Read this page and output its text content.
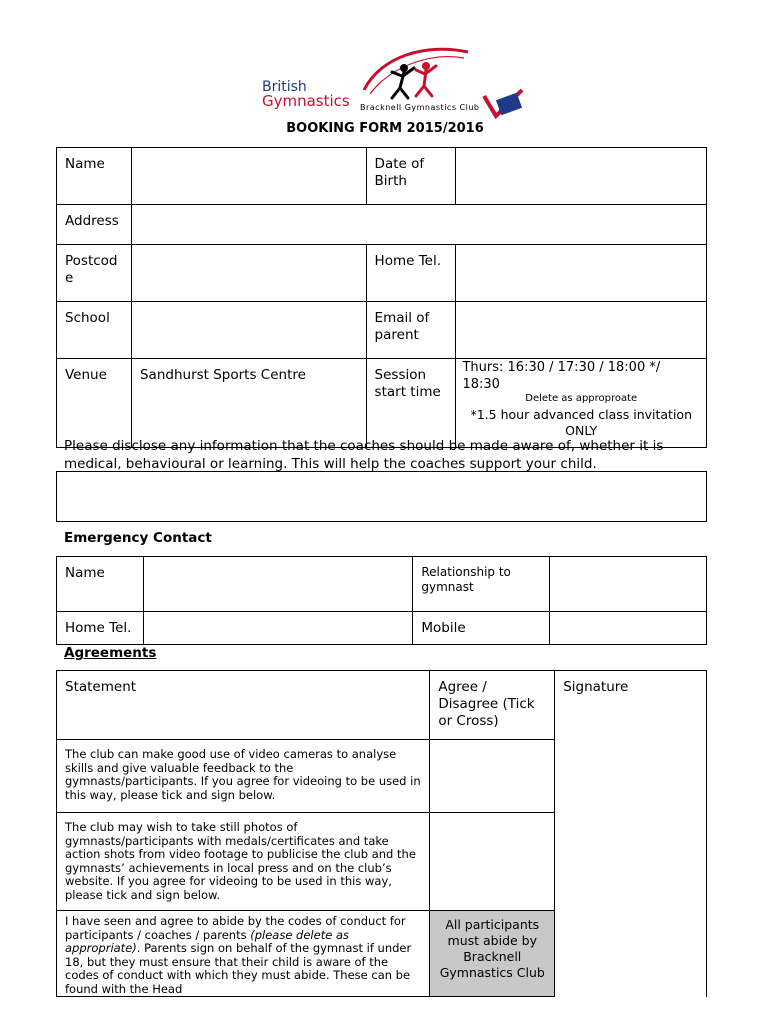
British
Gymnastics Bracknell Gymnastics Club
BOOKING FORM 2015/2016
Name		Date of Birth	
Address			
Postcode		Home Tel.	
School		Email of parent	
Venue	Sandhurst Sports Centre	Session start time	Thurs: 16:30 / 17:30 / 18:00 */ 18:30
Delete as approproate
*1.5 hour advanced class invitation ONLY
Please disclose any information that the coaches should be made aware of, whether it is medical, behavioural or learning. This will help the coaches support your child.
Emergency Contact
Name		Relationship to gymnast	
Home Tel.		Mobile	
Agreements
Statement	Agree / Disagree (Tick or Cross)	Signature
The club can make good use of video cameras to analyse skills and give valuable feedback to the gymnasts/participants. If you agree for videoing to be used in this way, please tick and sign below.		
The club may wish to take still photos of gymnasts/participants with medals/certificates and take action shots from video footage to publicise the club and the gymnasts’ achievements in local press and on the club’s website. If you agree for videoing to be used in this way, please tick and sign below.		
I have seen and agree to abide by the codes of conduct for participants / coaches / parents (please delete as appropriate). Parents sign on behalf of the gymnast if under 18, but they must ensure that their child is aware of the codes of conduct with which they must abide. These can be found with the Head	All participants must abide by Bracknell Gymnastics Club	
